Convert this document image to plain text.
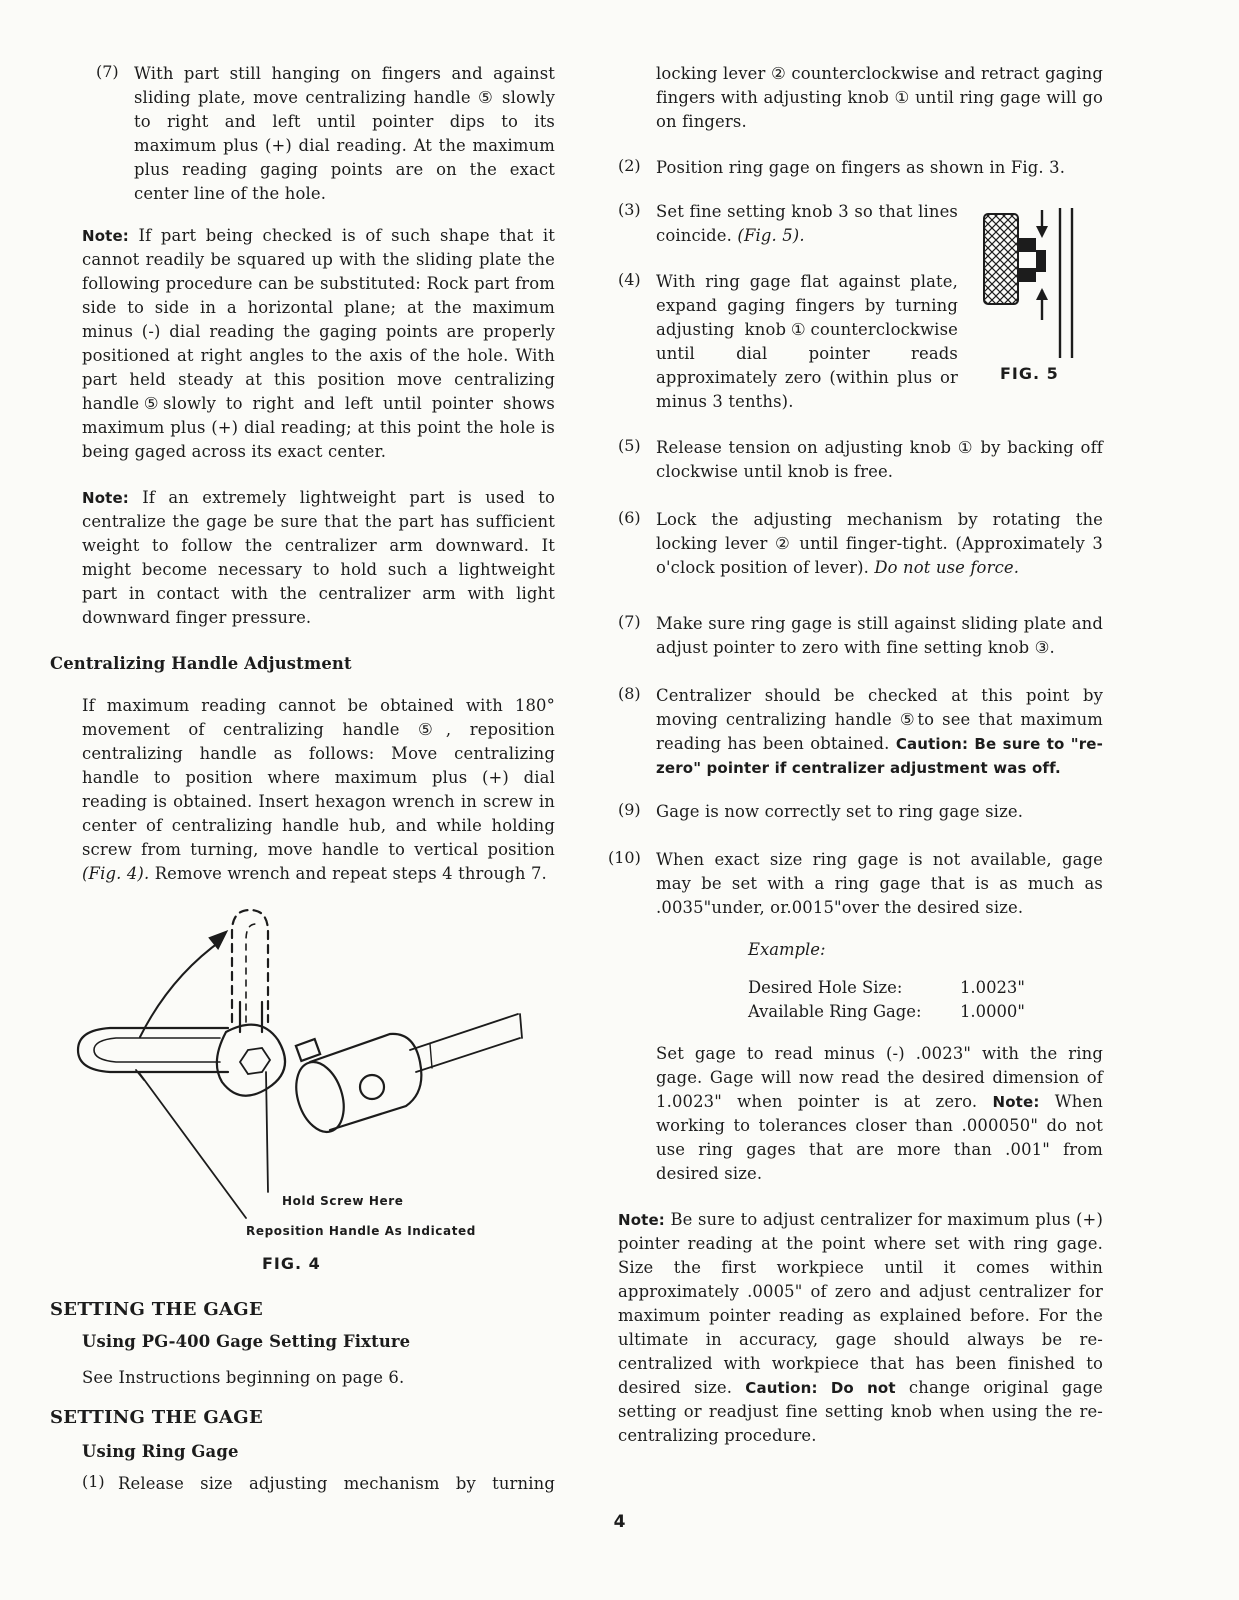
(7) With part still hanging on fingers and against sliding plate, move centralizing handle ⑤ slowly to right and left until pointer dips to its maximum plus (+) dial reading. At the maximum plus reading gaging points are on the exact center line of the hole.

Note: If part being checked is of such shape that it cannot readily be squared up with the sliding plate the following procedure can be substituted: Rock part from side to side in a horizontal plane; at the maximum minus (-) dial reading the gaging points are properly positioned at right angles to the axis of the hole. With part held steady at this position move centralizing handle⑤slowly to right and left until pointer shows maximum plus (+) dial reading; at this point the hole is being gaged across its exact center.

Note: If an extremely lightweight part is used to centralize the gage be sure that the part has sufficient weight to follow the centralizer arm downward. It might become necessary to hold such a lightweight part in contact with the centralizer arm with light downward finger pressure.

Centralizing Handle Adjustment

If maximum reading cannot be obtained with 180° movement of centralizing handle ⑤, reposition centralizing handle as follows: Move centralizing handle to position where maximum plus (+) dial reading is obtained. Insert hexagon wrench in screw in center of centralizing handle hub, and while holding screw from turning, move handle to vertical position (Fig. 4). Remove wrench and repeat steps 4 through 7.

Hold Screw Here
Reposition Handle As Indicated
FIG. 4

SETTING THE GAGE

Using PG-400 Gage Setting Fixture

See Instructions beginning on page 6.

SETTING THE GAGE

Using Ring Gage

(1) Release size adjusting mechanism by turning

locking lever ② counterclockwise and retract gaging fingers with adjusting knob ① until ring gage will go on fingers.

(2) Position ring gage on fingers as shown in Fig. 3.

(3) Set fine setting knob 3 so that lines coincide. (Fig. 5).

(4) With ring gage flat against plate, expand gaging fingers by turning adjusting knob①counterclockwise until dial pointer reads approximately zero (within plus or minus 3 tenths).

FIG. 5
(5) Release tension on adjusting knob ① by backing off clockwise until knob is free.

(6) Lock the adjusting mechanism by rotating the locking lever ② until finger-tight. (Approximately 3 o'clock position of lever). Do not use force.

(7) Make sure ring gage is still against sliding plate and adjust pointer to zero with fine setting knob ③.

(8) Centralizer should be checked at this point by moving centralizing handle ⑤to see that maximum reading has been obtained. Caution: Be sure to "re-zero" pointer if centralizer adjustment was off.

(9) Gage is now correctly set to ring gage size.

(10) When exact size ring gage is not available, gage may be set with a ring gage that is as much as .0035"under, or.0015"over the desired size.

Example:
Desired Hole Size:	1.0023"
Available Ring Gage:	1.0000"

Set gage to read minus (-) .0023" with the ring gage. Gage will now read the desired dimension of 1.0023" when pointer is at zero. Note: When working to tolerances closer than .000050" do not use ring gages that are more than .001" from desired size.

Note: Be sure to adjust centralizer for maximum plus (+) pointer reading at the point where set with ring gage. Size the first workpiece until it comes within approximately .0005" of zero and adjust centralizer for maximum pointer reading as explained before. For the ultimate in accuracy, gage should always be re-centralized with workpiece that has been finished to desired size. Caution: Do not change original gage setting or readjust fine setting knob when using the re-centralizing procedure.

4
